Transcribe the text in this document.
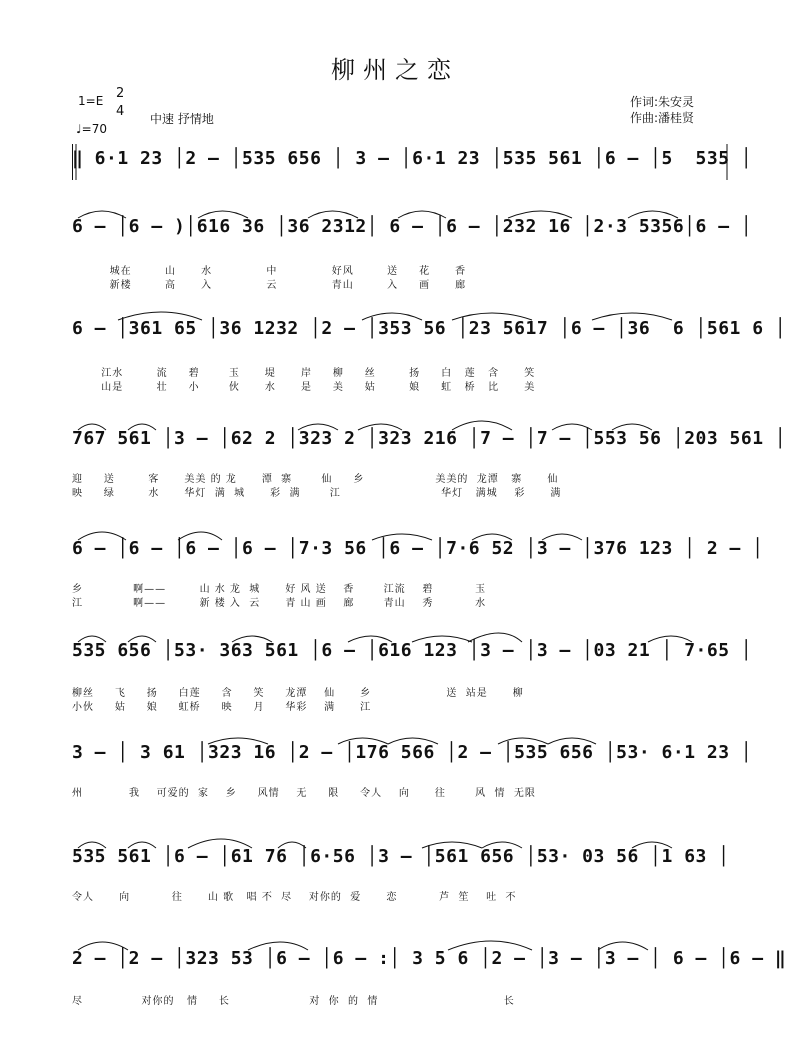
柳州之恋
1=E 2
4
♩=70
中速 抒情地
作词:朱安灵
作曲:潘桂贤
‖ 6·1 23 │2 – │535 656 │ 3 – │6·1 23 │535 561 │6 – │5  535 │
6 – │6 – )│616 36 │36 2312│ 6 – │6 – │232 16 │2·3 5356│6 – │
城在        山      水             中             好风        送     花      香
新楼        高      入             云             青山        入     画      廊
6 – │361 65 │36 1232 │2 – │353 56 │23 5617 │6 – │36  6 │561 6 │
江水        流     碧       玉      堤      岸     柳     丝        扬     白   莲   含      笑
山是        壮     小       伙      水      是     美     姑        娘     虹   桥   比      美
767 561 │3 – │62 2 │323 2 │323 216 │7 – │7 – │553 56 │203 561 │
迎     送        客      美美 的 龙      潭  寨       仙     乡                 美美的  龙潭   寨      仙
映     绿        水      华灯  满  城      彩  满       江                        华灯   满城    彩      满
6 – │6 – │6 – │6 – │7·3 56 │6 – │7·6 52 │3 – │376 123 │ 2 – │
乡            啊——        山 水 龙  城      好 风 送    香       江流    碧          玉
江            啊——        新 楼 入  云      青 山 画    廊       青山    秀          水
535 656 │53· 363 561 │6 – │616 123 │3 – │3 – │03 21 │ 7·65 │
柳丝     飞     扬     白莲     含     笑     龙潭    仙      乡                  送  站是      柳
小伙     姑     娘     虹桥     映     月     华彩    满      江
3 – │ 3 61 │323 16 │2 – │176 566 │2 – │535 656 │53· 6·1 23 │
州           我    可爱的  家    乡     风情    无     限     令人    向      往       风  情  无限
535 561 │6 – │61 76 │6·56 │3 – │561 656 │53· 03 56 │1 63 │
令人      向          往      山 歌   唱 不  尽    对你的  爱      恋          芦  笙    吐  不
2 – │2 – │323 53 │6 – │6 – :│ 3 5 6 │2 – │3 – │3 – │ 6 – │6 – ‖
尽              对你的   情     长                   对  你  的  情                              长
